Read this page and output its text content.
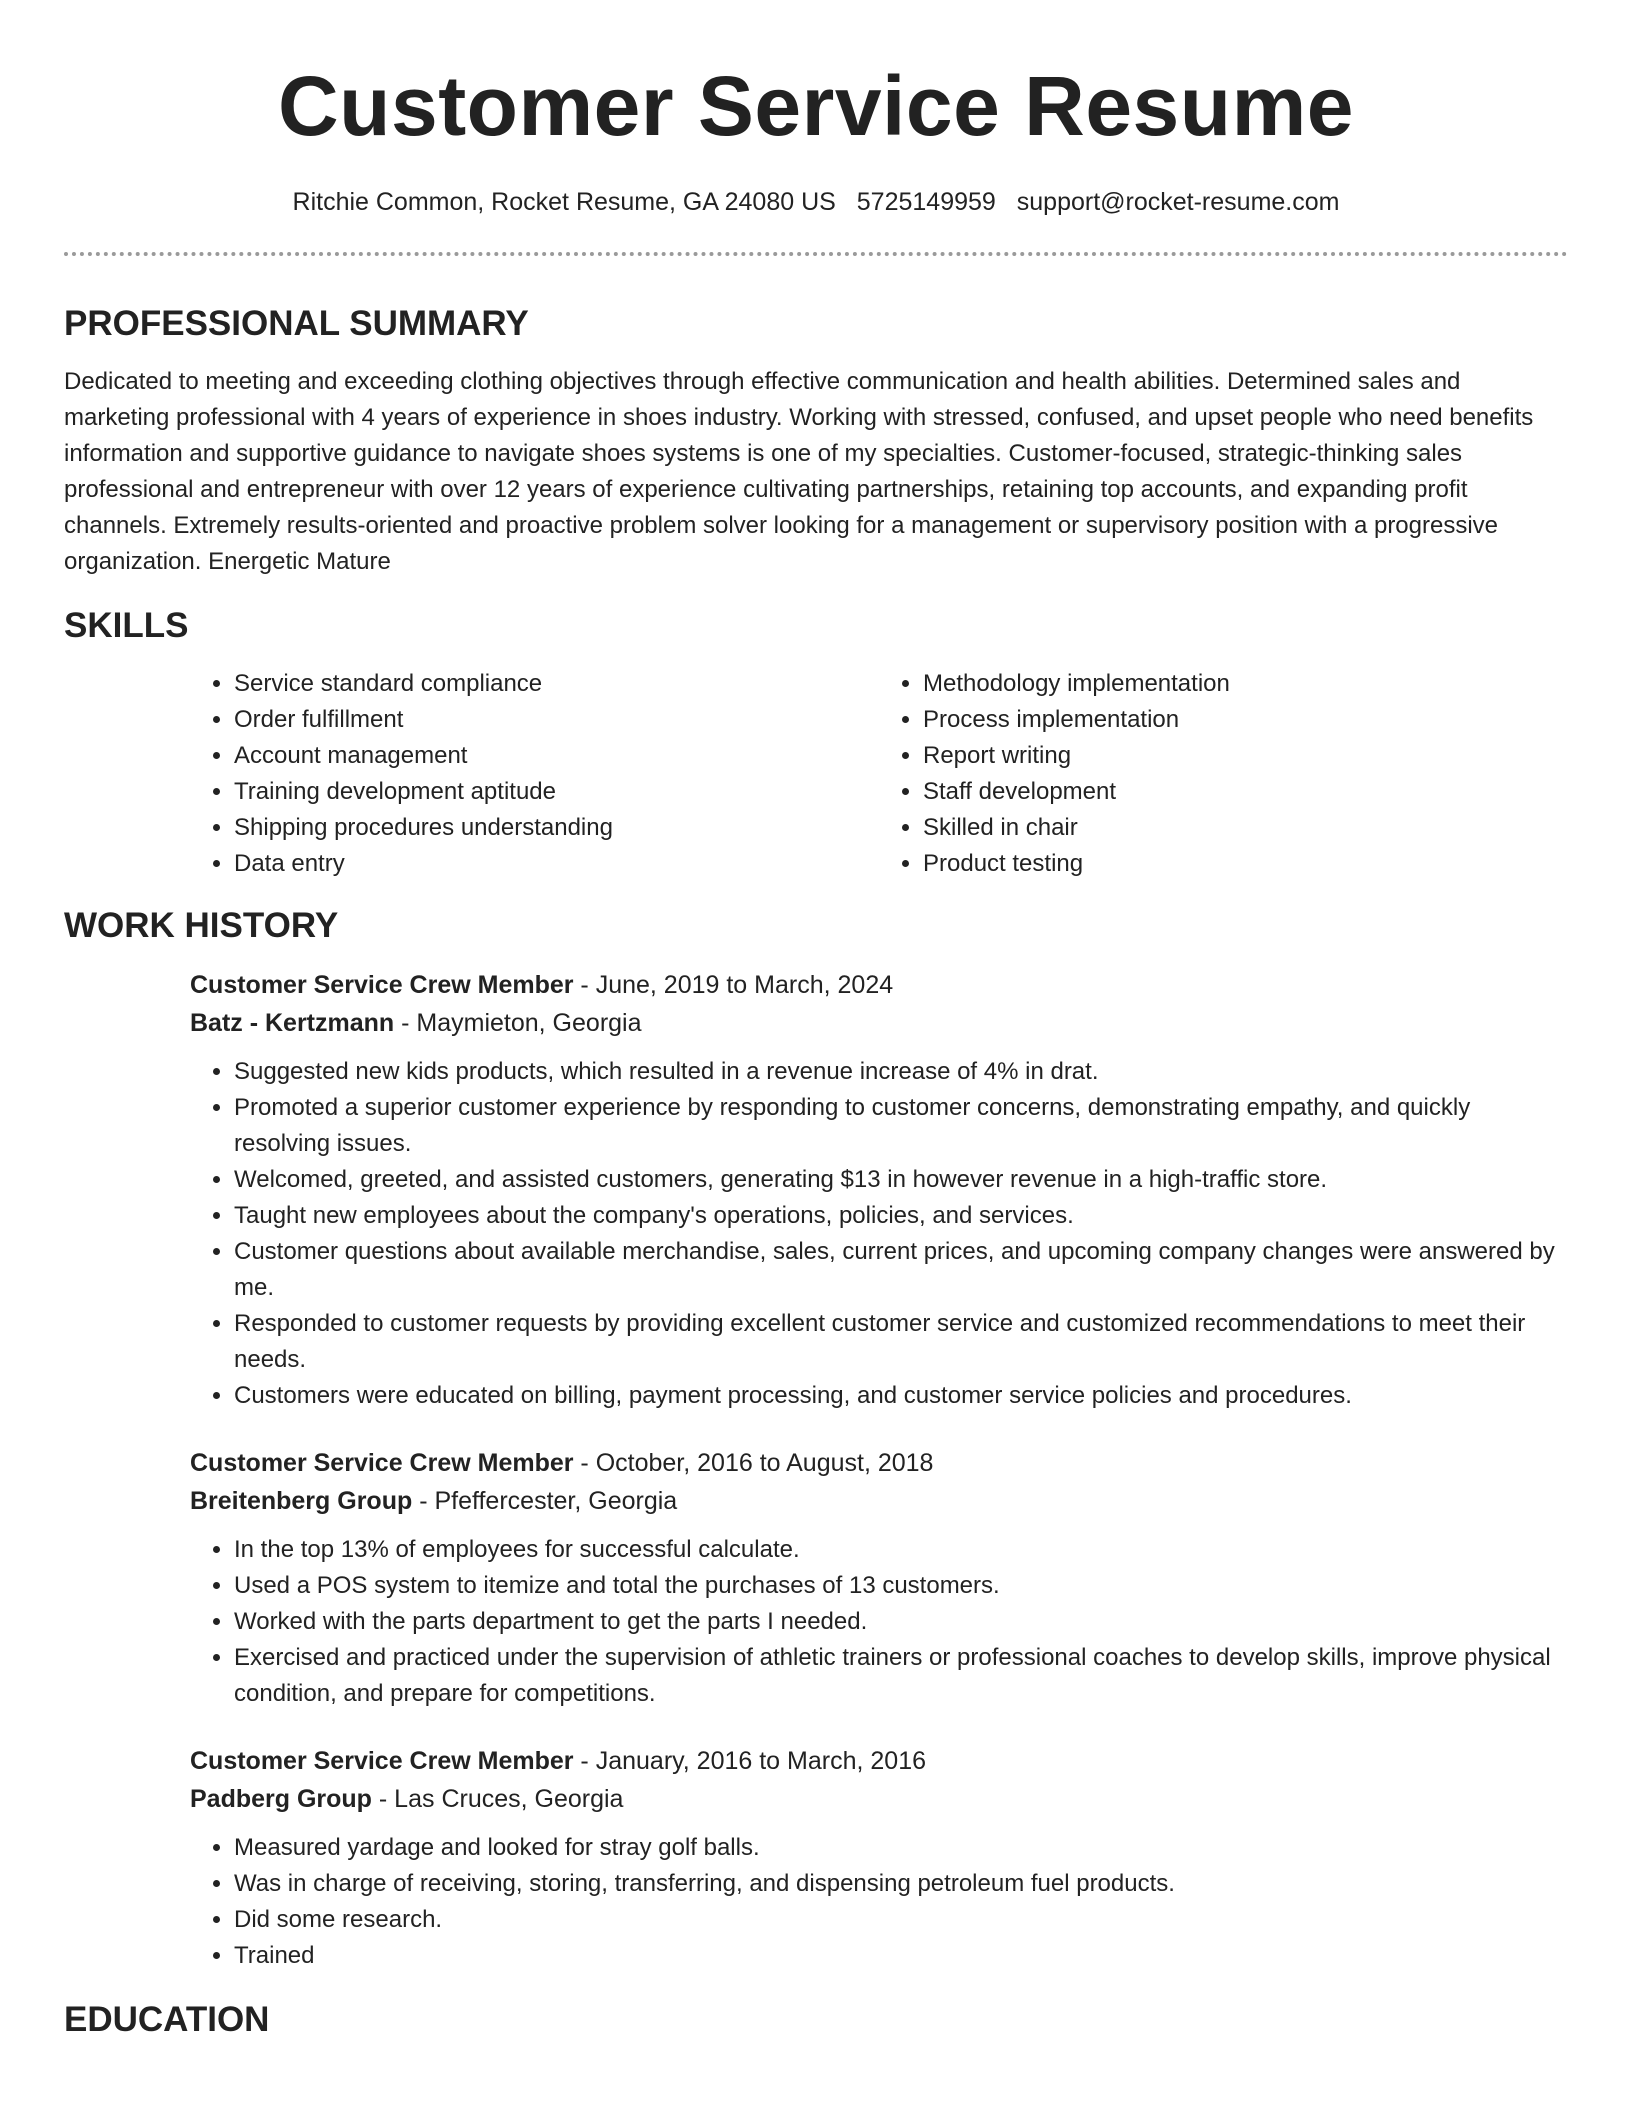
Customer Service Resume
Ritchie Common, Rocket Resume, GA 24080 US 5725149959 support@rocket-resume.com
PROFESSIONAL SUMMARY

Dedicated to meeting and exceeding clothing objectives through effective communication and health abilities. Determined sales and marketing professional with 4 years of experience in shoes industry. Working with stressed, confused, and upset people who need benefits information and supportive guidance to navigate shoes systems is one of my specialties. Customer-focused, strategic-thinking sales professional and entrepreneur with over 12 years of experience cultivating partnerships, retaining top accounts, and expanding profit channels. Extremely results-oriented and proactive problem solver looking for a management or supervisory position with a progressive organization. Energetic Mature

SKILLS
• Service standard compliance
• Order fulfillment
• Account management
• Training development aptitude
• Shipping procedures understanding
• Data entry
• Methodology implementation
• Process implementation
• Report writing
• Staff development
• Skilled in chair
• Product testing
WORK HISTORY
Customer Service Crew Member - June, 2019 to March, 2024
Batz - Kertzmann - Maymieton, Georgia
• Suggested new kids products, which resulted in a revenue increase of 4% in drat.
• Promoted a superior customer experience by responding to customer concerns, demonstrating empathy, and quickly resolving issues.
• Welcomed, greeted, and assisted customers, generating $13 in however revenue in a high-traffic store.
• Taught new employees about the company's operations, policies, and services.
• Customer questions about available merchandise, sales, current prices, and upcoming company changes were answered by me.
• Responded to customer requests by providing excellent customer service and customized recommendations to meet their needs.
• Customers were educated on billing, payment processing, and customer service policies and procedures.
Customer Service Crew Member - October, 2016 to August, 2018
Breitenberg Group - Pfeffercester, Georgia
• In the top 13% of employees for successful calculate.
• Used a POS system to itemize and total the purchases of 13 customers.
• Worked with the parts department to get the parts I needed.
• Exercised and practiced under the supervision of athletic trainers or professional coaches to develop skills, improve physical condition, and prepare for competitions.
Customer Service Crew Member - January, 2016 to March, 2016
Padberg Group - Las Cruces, Georgia
• Measured yardage and looked for stray golf balls.
• Was in charge of receiving, storing, transferring, and dispensing petroleum fuel products.
• Did some research.
• Trained
EDUCATION
